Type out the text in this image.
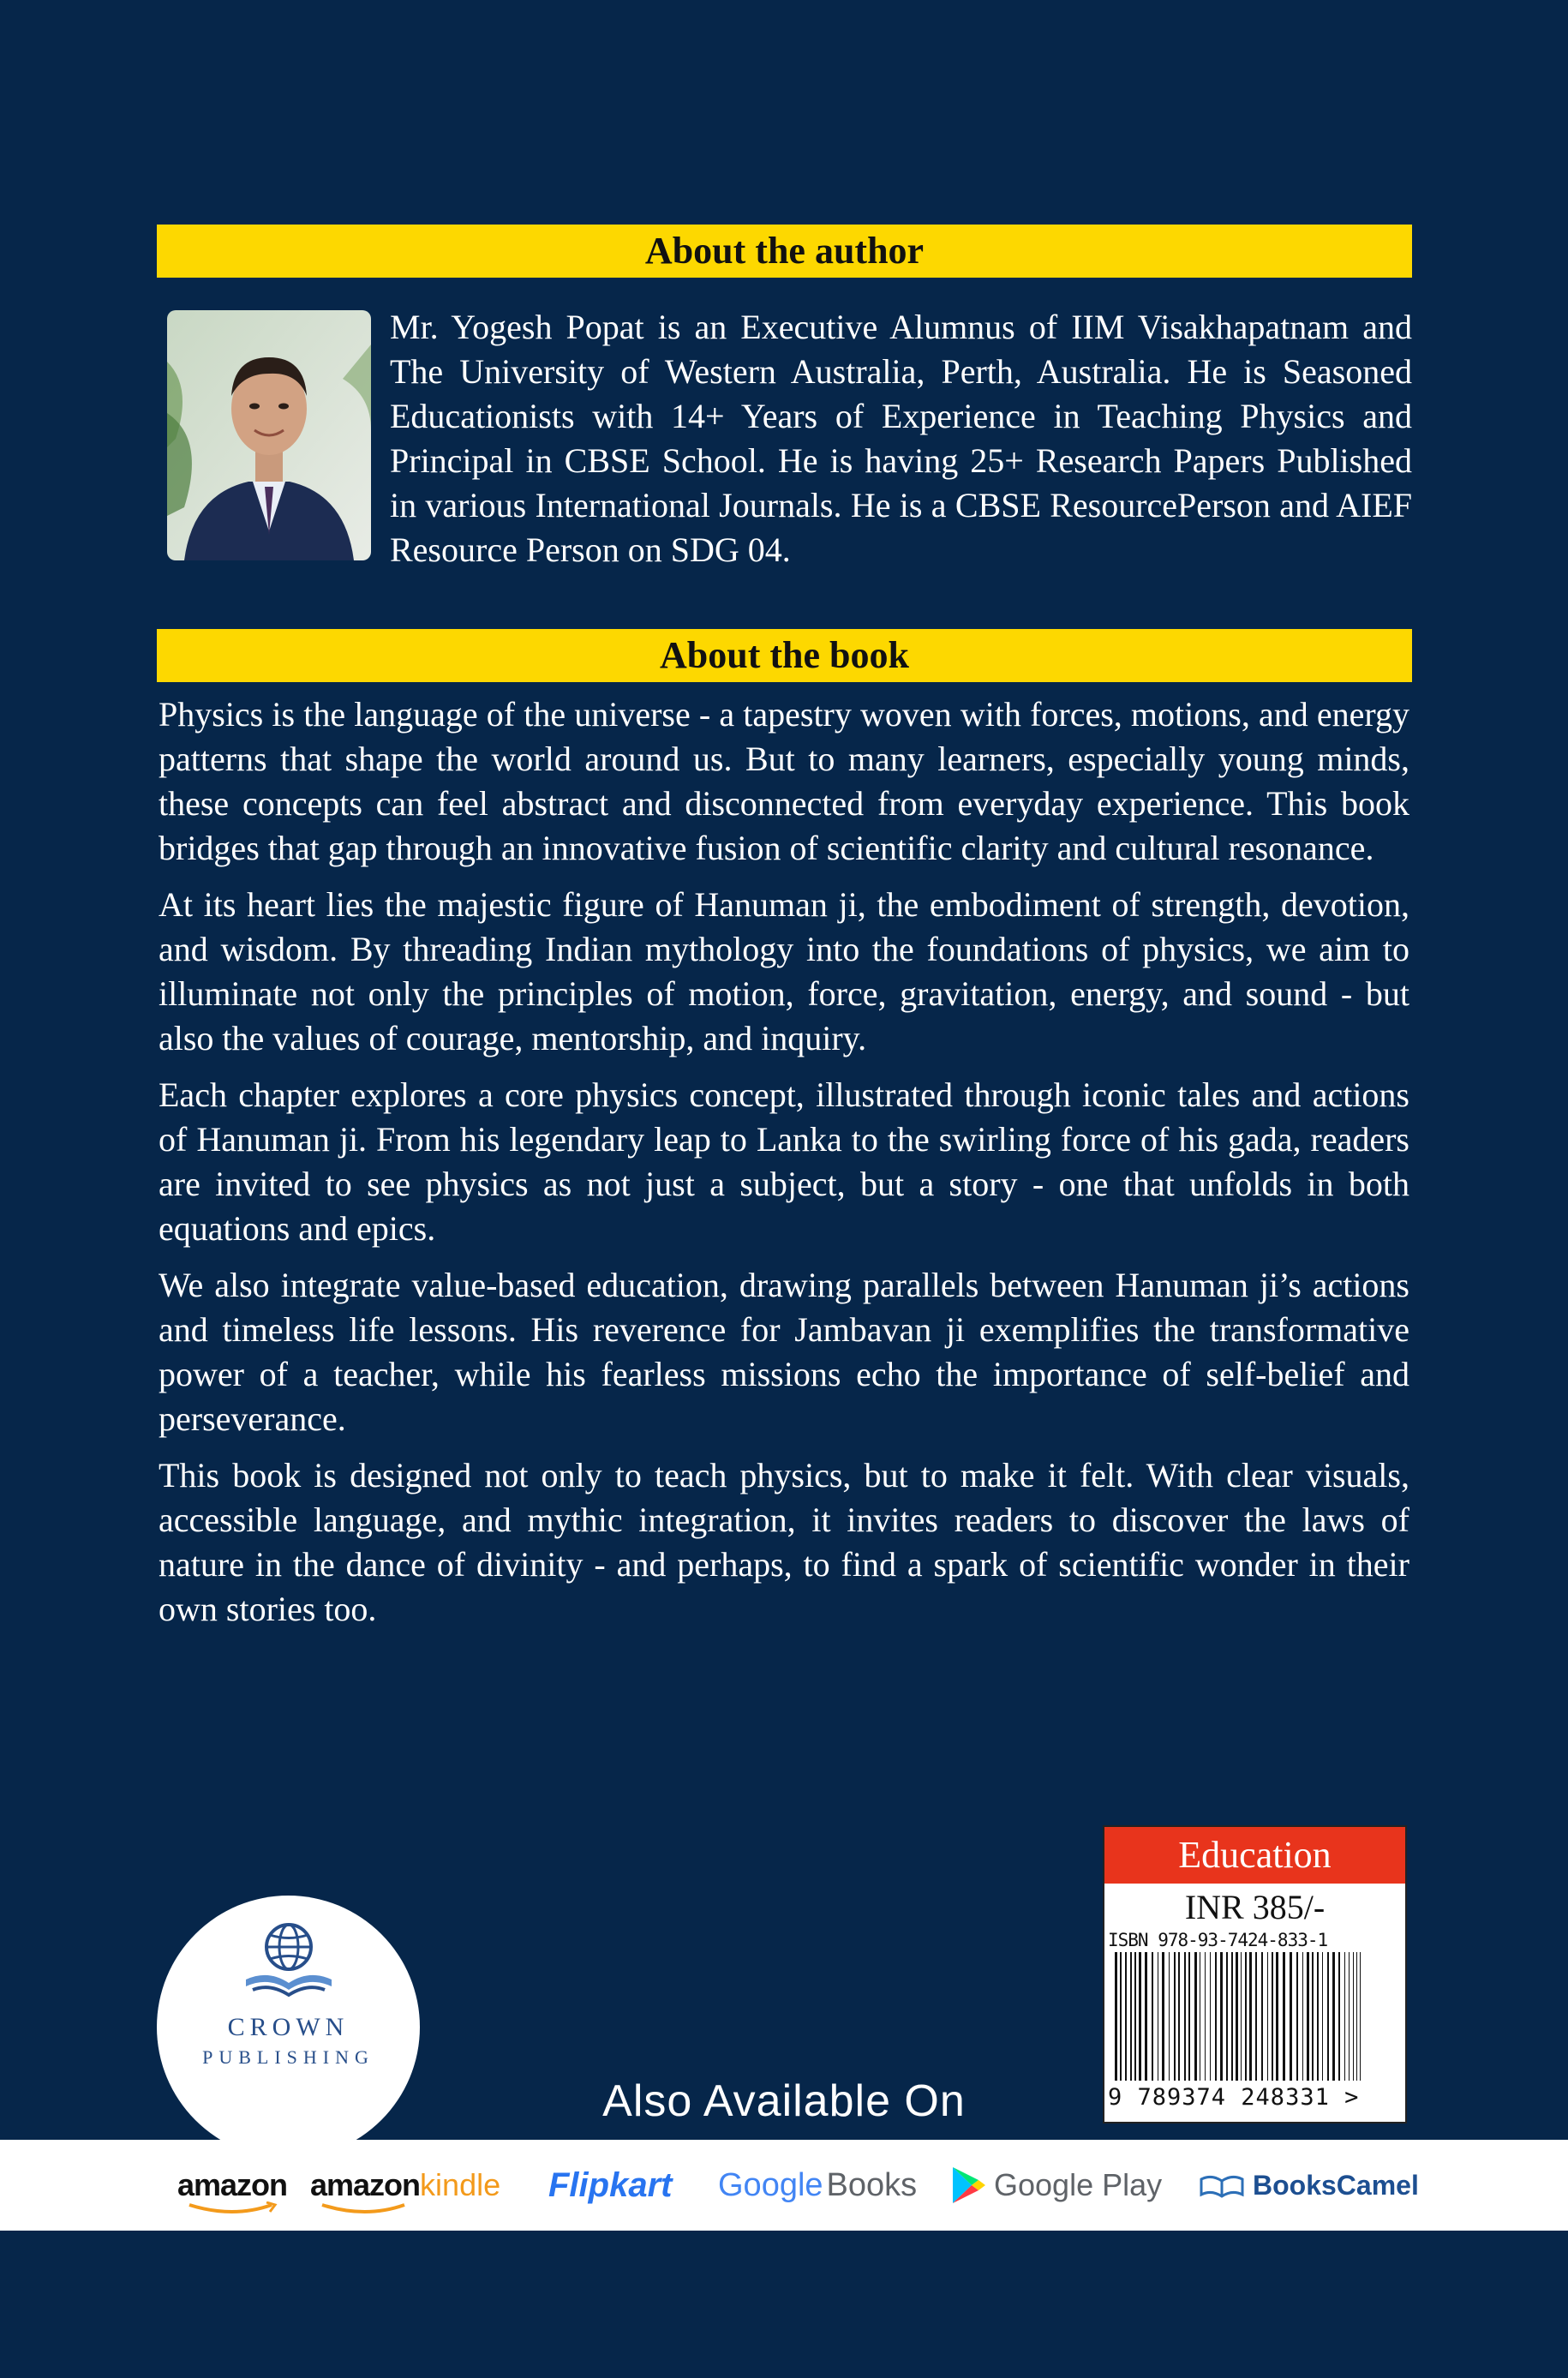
About the author

Mr. Yogesh Popat is an Executive Alumnus of IIM Visakhapatnam and The University of Western Australia, Perth, Australia. He is Seasoned Educationists with 14+ Years of Experience in Teaching Physics and Principal in CBSE School. He is having 25+ Research Papers Published in various International Journals. He is a CBSE ResourcePerson and AIEF Resource Person on SDG 04.

About the book

Physics is the language of the universe - a tapestry woven with forces, motions, and energy patterns that shape the world around us. But to many learners, especially young minds, these concepts can feel abstract and disconnected from everyday experience. This book bridges that gap through an innovative fusion of scientific clarity and cultural resonance.

At its heart lies the majestic figure of Hanuman ji, the embodiment of strength, devotion, and wisdom. By threading Indian mythology into the foundations of physics, we aim to illuminate not only the principles of motion, force, gravitation, energy, and sound - but also the values of courage, mentorship, and inquiry.

Each chapter explores a core physics concept, illustrated through iconic tales and actions of Hanuman ji. From his legendary leap to Lanka to the swirling force of his gada, readers are invited to see physics as not just a subject, but a story - one that unfolds in both equations and epics.

We also integrate value-based education, drawing parallels between Hanuman ji’s actions and timeless life lessons. His reverence for Jambavan ji exemplifies the transformative power of a teacher, while his fearless missions echo the importance of self-belief and perseverance.

This book is designed not only to teach physics, but to make it felt. With clear visuals, accessible language, and mythic integration, it invites readers to discover the laws of nature in the dance of divinity - and perhaps, to find a spark of scientific wonder in their own stories too.

CROWN
PUBLISHING
Education
INR 385/-
ISBN 978-93-7424-833-1
9 789374 248331 >
Also Available On
amazon amazonkindle Flipkart Google Books	Google Play	BooksCamel
